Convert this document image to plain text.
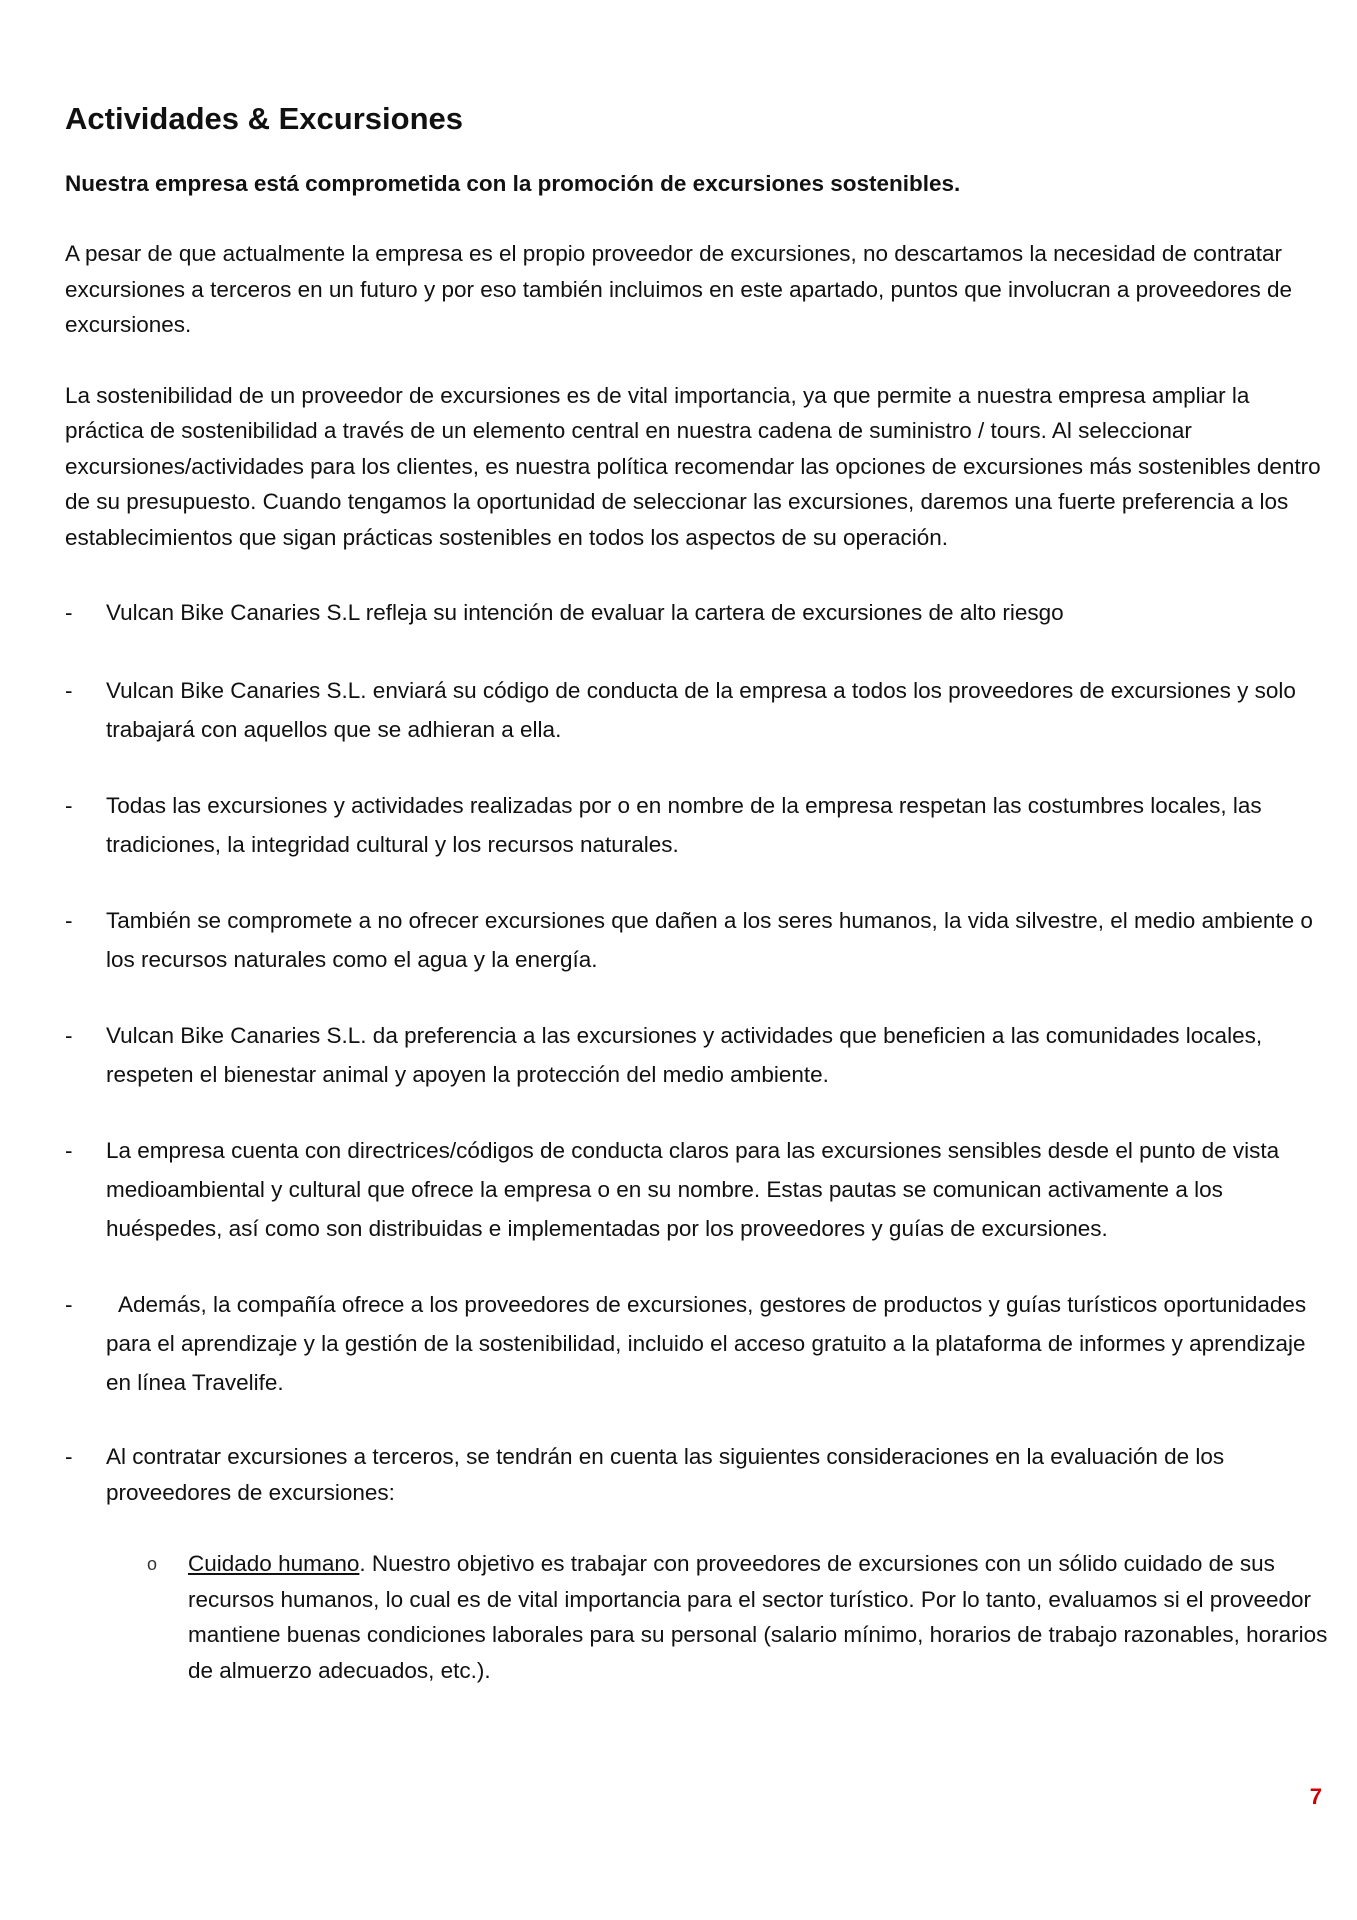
Actividades & Excursiones

Nuestra empresa está comprometida con la promoción de excursiones sostenibles.

A pesar de que actualmente la empresa es el propio proveedor de excursiones, no descartamos la necesidad de contratar excursiones a terceros en un futuro y por eso también incluimos en este apartado, puntos que involucran a proveedores de excursiones.

La sostenibilidad de un proveedor de excursiones es de vital importancia, ya que permite a nuestra empresa ampliar la práctica de sostenibilidad a través de un elemento central en nuestra cadena de suministro / tours. Al seleccionar excursiones/actividades para los clientes, es nuestra política recomendar las opciones de excursiones más sostenibles dentro de su presupuesto. Cuando tengamos la oportunidad de seleccionar las excursiones, daremos una fuerte preferencia a los establecimientos que sigan prácticas sostenibles en todos los aspectos de su operación.

-	Vulcan Bike Canaries S.L refleja su intención de evaluar la cartera de excursiones de alto riesgo
-	Vulcan Bike Canaries S.L. enviará su código de conducta de la empresa a todos los proveedores de excursiones y solo trabajará con aquellos que se adhieran a ella.
-	Todas las excursiones y actividades realizadas por o en nombre de la empresa respetan las costumbres locales, las tradiciones, la integridad cultural y los recursos naturales.
-	También se compromete a no ofrecer excursiones que dañen a los seres humanos, la vida silvestre, el medio ambiente o los recursos naturales como el agua y la energía.
-	Vulcan Bike Canaries S.L. da preferencia a las excursiones y actividades que beneficien a las comunidades locales, respeten el bienestar animal y apoyen la protección del medio ambiente.
-	La empresa cuenta con directrices/códigos de conducta claros para las excursiones sensibles desde el punto de vista medioambiental y cultural que ofrece la empresa o en su nombre. Estas pautas se comunican activamente a los huéspedes, así como son distribuidas e implementadas por los proveedores y guías de excursiones.
-	Además, la compañía ofrece a los proveedores de excursiones, gestores de productos y guías turísticos oportunidades para el aprendizaje y la gestión de la sostenibilidad, incluido el acceso gratuito a la plataforma de informes y aprendizaje en línea Travelife.
-	Al contratar excursiones a terceros, se tendrán en cuenta las siguientes consideraciones en la evaluación de los proveedores de excursiones:
o Cuidado humano. Nuestro objetivo es trabajar con proveedores de excursiones con un sólido cuidado de sus recursos humanos, lo cual es de vital importancia para el sector turístico. Por lo tanto, evaluamos si el proveedor mantiene buenas condiciones laborales para su personal (salario mínimo, horarios de trabajo razonables, horarios de almuerzo adecuados, etc.).
7
